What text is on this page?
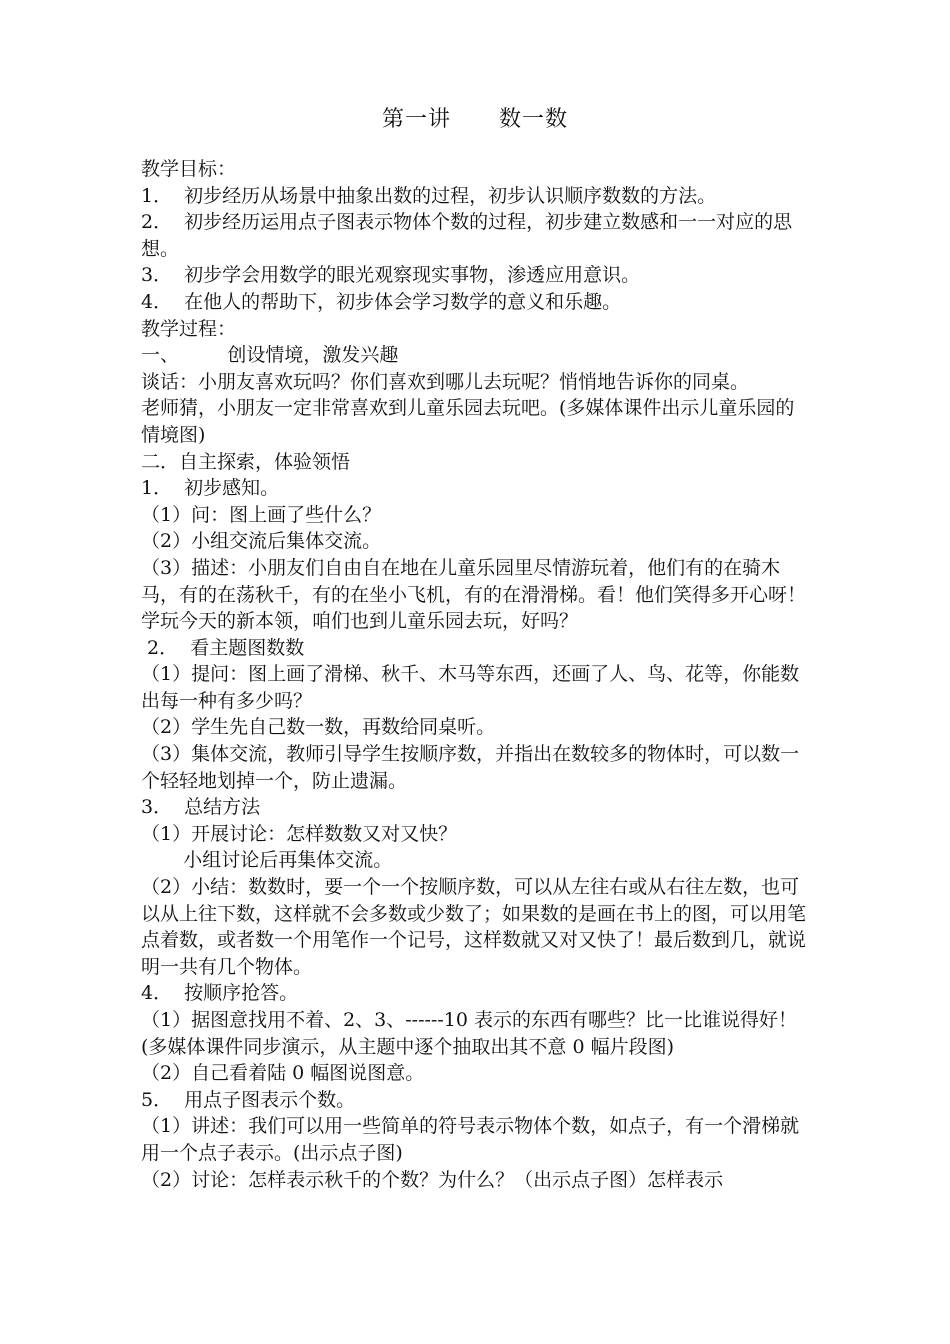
第一讲      数一数

教学目标：

1．  初步经历从场景中抽象出数的过程，初步认识顺序数数的方法。

2．  初步经历运用点子图表示物体个数的过程，初步建立数感和一一对应的思想。

3．  初步学会用数学的眼光观察现实事物，渗透应用意识。

4．  在他人的帮助下，初步体会学习数学的意义和乐趣。

教学过程：

一、        创设情境，激发兴趣

谈话：小朋友喜欢玩吗？你们喜欢到哪儿去玩呢？悄悄地告诉你的同桌。

老师猜，小朋友一定非常喜欢到儿童乐园去玩吧。(多媒体课件出示儿童乐园的情境图)

二．自主探索，体验领悟

1．  初步感知。

（1）问：图上画了些什么？

（2）小组交流后集体交流。

（3）描述：小朋友们自由自在地在儿童乐园里尽情游玩着，他们有的在骑木马，有的在荡秋千，有的在坐小飞机，有的在滑滑梯。看！他们笑得多开心呀！学玩今天的新本领，咱们也到儿童乐园去玩，好吗？

2．  看主题图数数

（1）提问：图上画了滑梯、秋千、木马等东西，还画了人、鸟、花等，你能数出每一种有多少吗？

（2）学生先自己数一数，再数给同桌听。

（3）集体交流，教师引导学生按顺序数，并指出在数较多的物体时，可以数一个轻轻地划掉一个，防止遗漏。

3．  总结方法

（1）开展讨论：怎样数数又对又快？

小组讨论后再集体交流。

（2）小结：数数时，要一个一个按顺序数，可以从左往右或从右往左数，也可以从上往下数，这样就不会多数或少数了；如果数的是画在书上的图，可以用笔点着数，或者数一个用笔作一个记号，这样数就又对又快了！最后数到几，就说明一共有几个物体。

4．  按顺序抢答。

（1）据图意找用不着、2、3、------10 表示的东西有哪些？比一比谁说得好！(多媒体课件同步演示，从主题中逐个抽取出其不意 0 幅片段图)

（2）自己看着陆 0 幅图说图意。

5．  用点子图表示个数。

（1）讲述：我们可以用一些简单的符号表示物体个数，如点子，有一个滑梯就用一个点子表示。(出示点子图)

（2）讨论：怎样表示秋千的个数？为什么？（出示点子图）怎样表示
